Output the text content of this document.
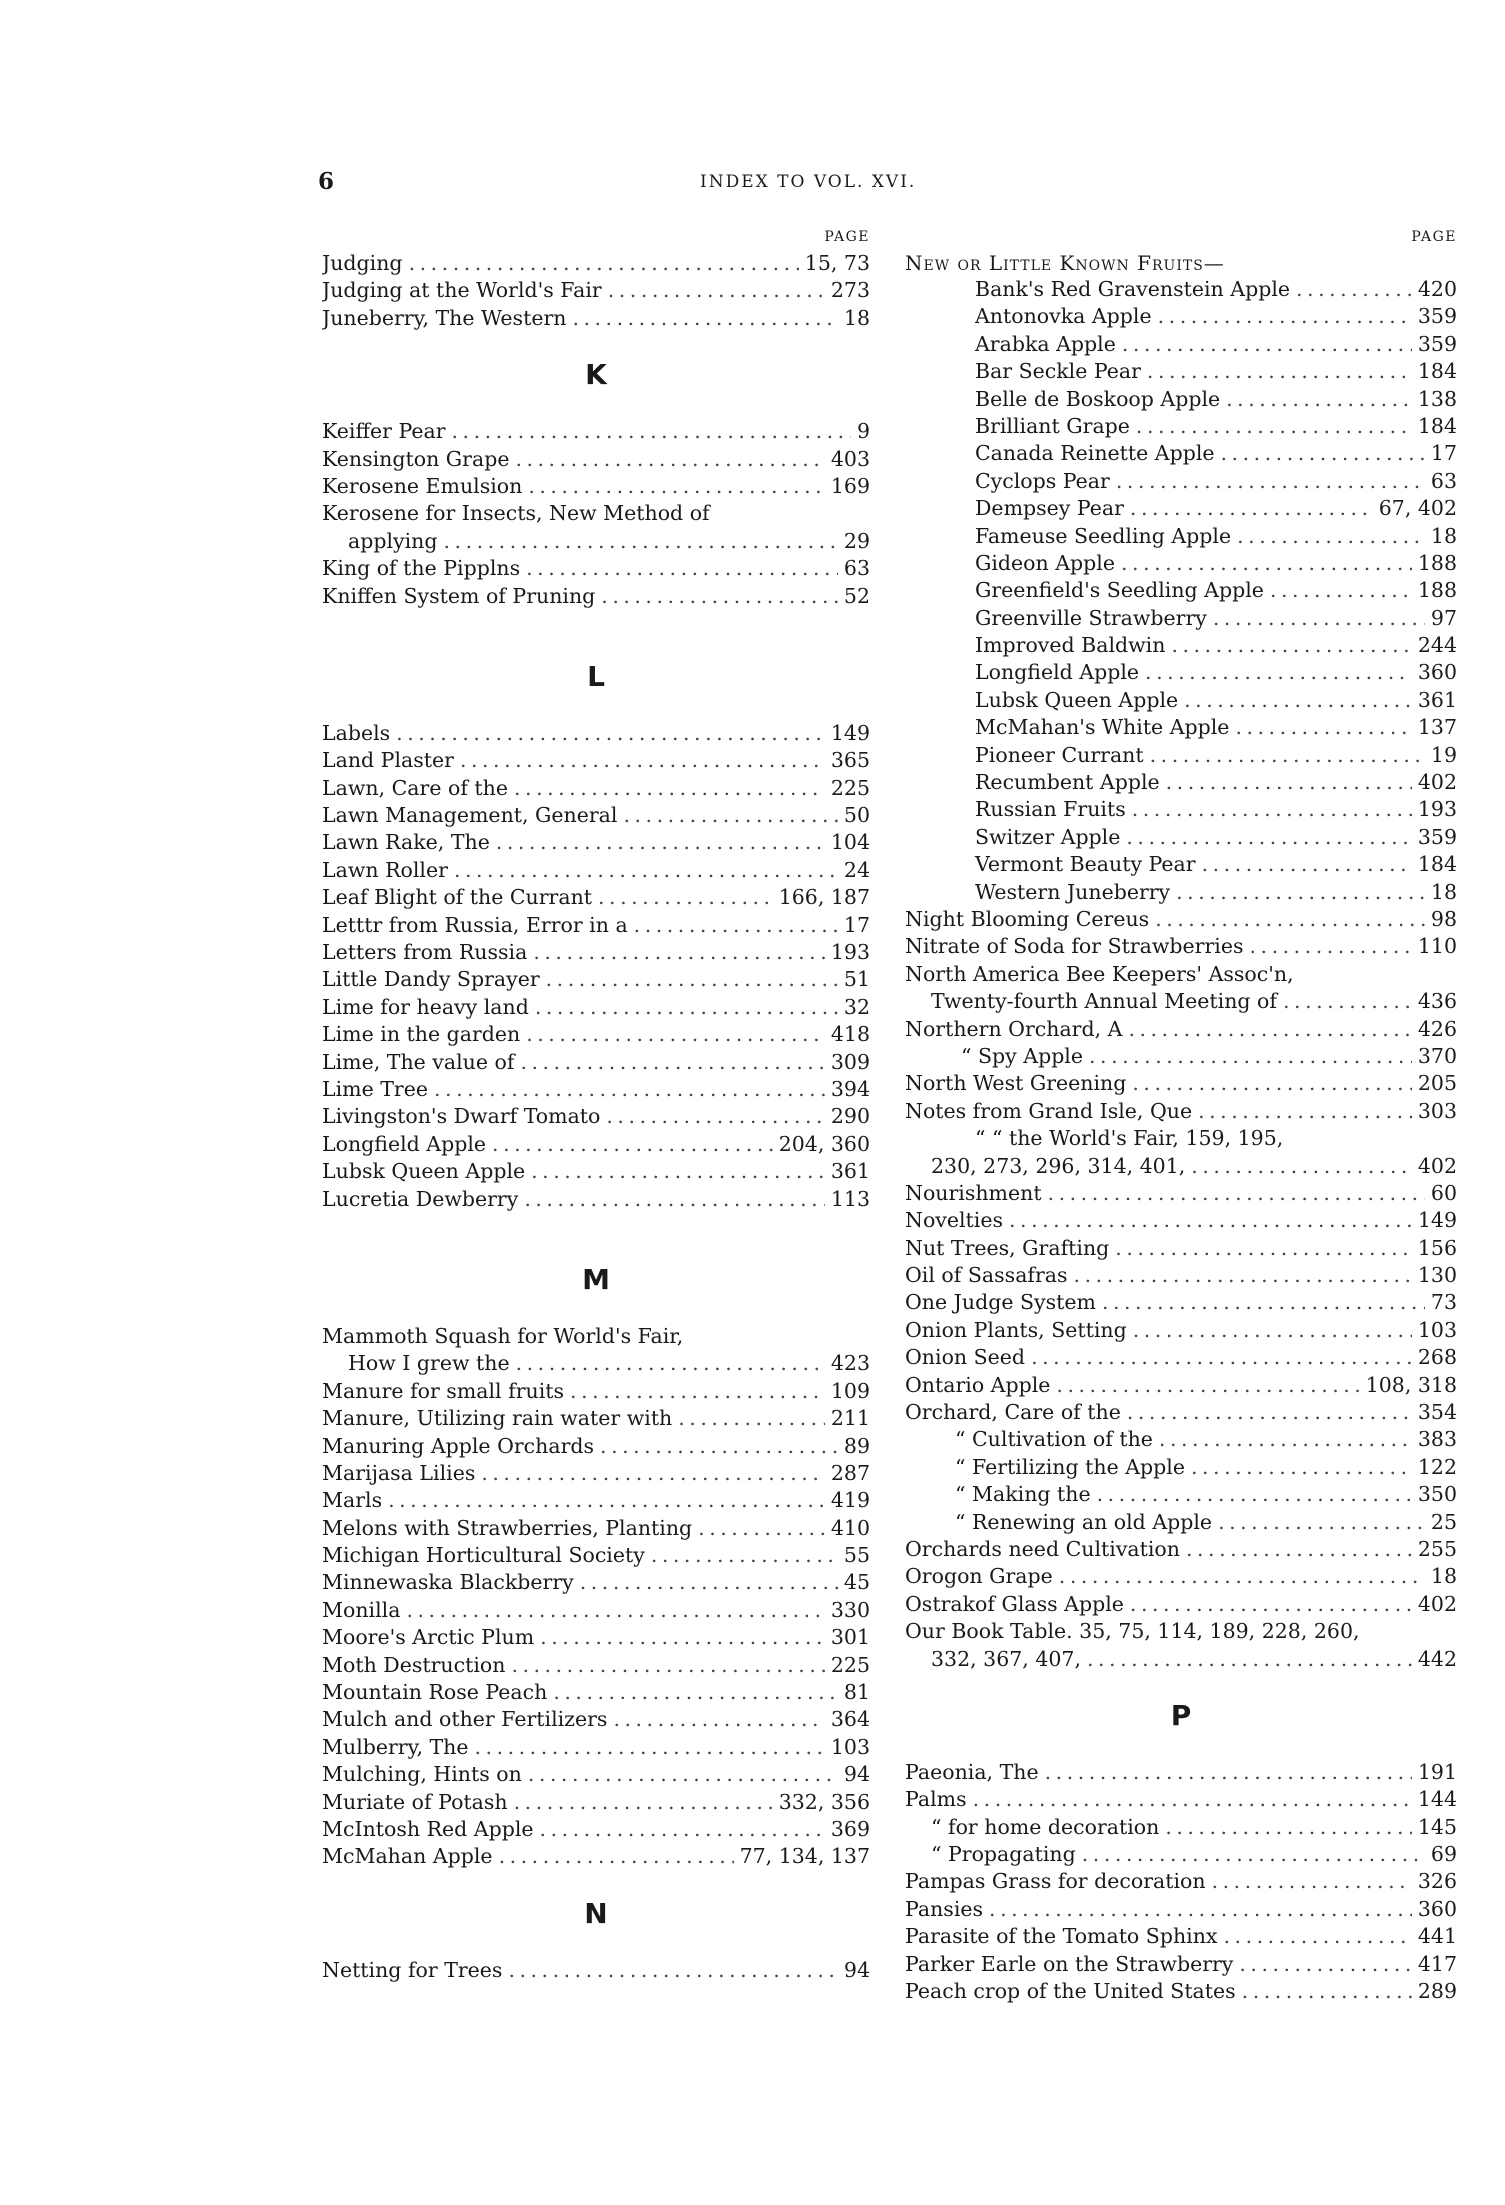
6	INDEX TO VOL. XVI.
PAGE
Judging . . .	15, 73
Judging at the World's Fair . . .	273
Juneberry, The Western . . .	18
K
Keiffer Pear . . .	9
Kensington Grape . . .	403
Kerosene Emulsion . . .	169
Kerosene for Insects, New Method of
applying . . .	29
King of the Pipplns . . .	63
Kniffen System of Pruning . . .	52
L
Labels . . .	149
Land Plaster . . .	365
Lawn, Care of the . . .	225
Lawn Management, General . . .	50
Lawn Rake, The . . .	104
Lawn Roller . . .	24
Leaf Blight of the Currant . . .	166, 187
Letttr from Russia, Error in a . . .	17
Letters from Russia . . .	193
Little Dandy Sprayer . . .	51
Lime for heavy land . . .	32
Lime in the garden . . .	418
Lime, The value of . . .	309
Lime Tree . . .	394
Livingston's Dwarf Tomato . . .	290
Longfield Apple . . .	204, 360
Lubsk Queen Apple . . .	361
Lucretia Dewberry . . .	113
M
Mammoth Squash for World's Fair,
How I grew the . . .	423
Manure for small fruits . . .	109
Manure, Utilizing rain water with . . .	211
Manuring Apple Orchards . . .	89
Marijasa Lilies . . .	287
Marls . . .	419
Melons with Strawberries, Planting . . .	410
Michigan Horticultural Society . . .	55
Minnewaska Blackberry . . .	45
Monilla . . .	330
Moore's Arctic Plum . . .	301
Moth Destruction . . .	225
Mountain Rose Peach . . .	81
Mulch and other Fertilizers . . .	364
Mulberry, The . . .	103
Mulching, Hints on . . .	94
Muriate of Potash . . .	332, 356
McIntosh Red Apple . . .	369
McMahan Apple . . .	77, 134, 137
N
Netting for Trees . . .	94
PAGE
New or Little Known Fruits—
Bank's Red Gravenstein Apple . . .	420
Antonovka Apple . . .	359
Arabka Apple . . .	359
Bar Seckle Pear . . .	184
Belle de Boskoop Apple . . .	138
Brilliant Grape . . .	184
Canada Reinette Apple . . .	17
Cyclops Pear . . .	63
Dempsey Pear . . .	67, 402
Fameuse Seedling Apple . . .	18
Gideon Apple . . .	188
Greenfield's Seedling Apple . . .	188
Greenville Strawberry . . .	97
Improved Baldwin . . .	244
Longfield Apple . . .	360
Lubsk Queen Apple . . .	361
McMahan's White Apple . . .	137
Pioneer Currant . . .	19
Recumbent Apple . . .	402
Russian Fruits . . .	193
Switzer Apple . . .	359
Vermont Beauty Pear . . .	184
Western Juneberry . . .	18
Night Blooming Cereus . . .	98
Nitrate of Soda for Strawberries . . .	110
North America Bee Keepers' Assoc'n,
Twenty-fourth Annual Meeting of . . .	436
Northern Orchard, A . . .	426
“ Spy Apple . . .	370
North West Greening . . .	205
Notes from Grand Isle, Que . . .	303
“ “ the World's Fair, 159, 195,
230, 273, 296, 314, 401, . . .	402
Nourishment . . .	60
Novelties . . .	149
Nut Trees, Grafting . . .	156
Oil of Sassafras . . .	130
One Judge System . . .	73
Onion Plants, Setting . . .	103
Onion Seed . . .	268
Ontario Apple . . .	108, 318
Orchard, Care of the . . .	354
“ Cultivation of the . . .	383
“ Fertilizing the Apple . . .	122
“ Making the . . .	350
“ Renewing an old Apple . . .	25
Orchards need Cultivation . . .	255
Orogon Grape . . .	18
Ostrakof Glass Apple . . .	402
Our Book Table. 35, 75, 114, 189, 228, 260,
332, 367, 407, . . .	442
P
Paeonia, The . . .	191
Palms . . .	144
“ for home decoration . . .	145
“ Propagating . . .	69
Pampas Grass for decoration . . .	326
Pansies . . .	360
Parasite of the Tomato Sphinx . . .	441
Parker Earle on the Strawberry . . .	417
Peach crop of the United States . . .	289
